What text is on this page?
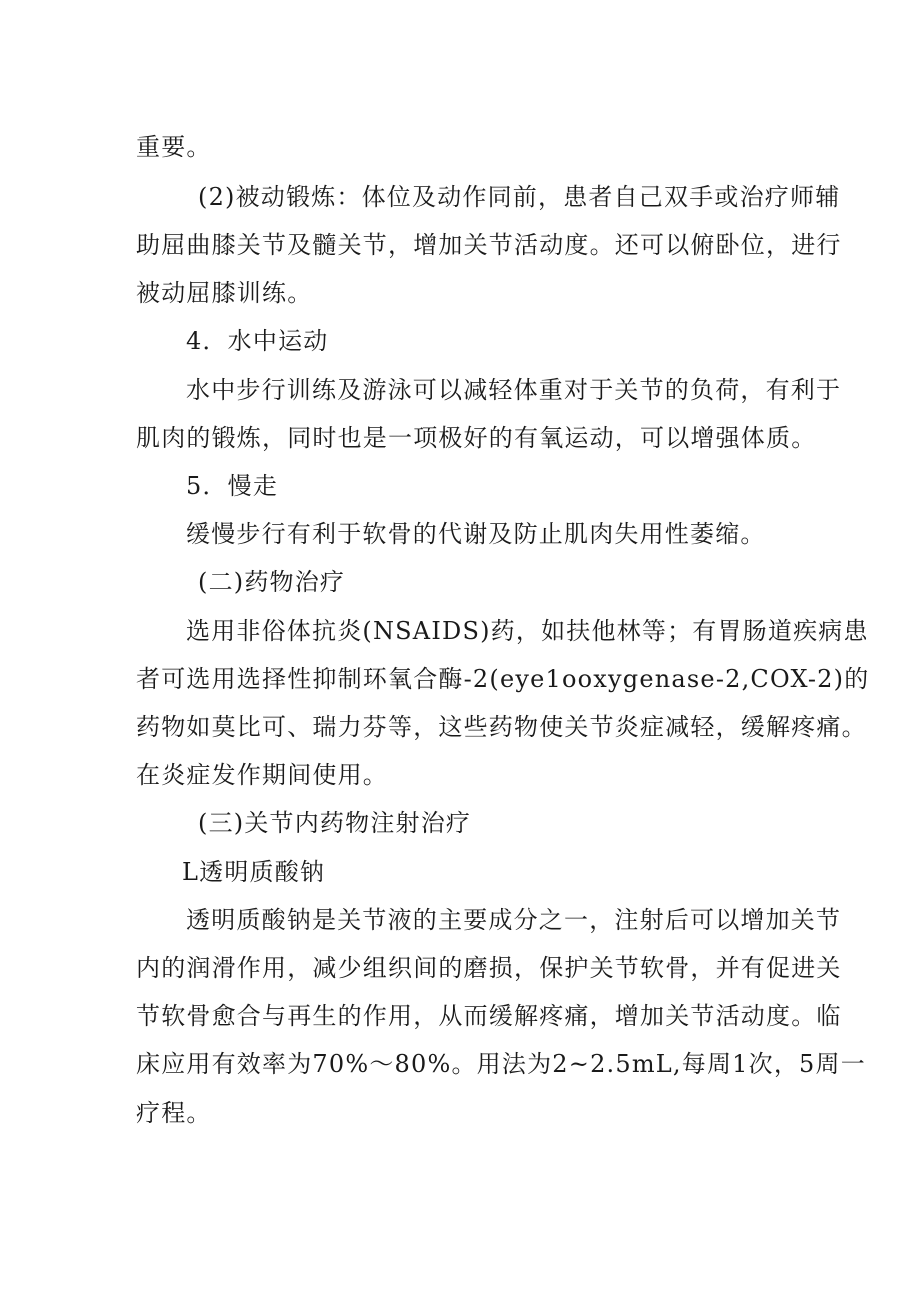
重要。
(2)被动锻炼：体位及动作同前，患者自己双手或治疗师辅
助屈曲膝关节及髓关节，增加关节活动度。还可以俯卧位，进行
被动屈膝训练。
4．水中运动
水中步行训练及游泳可以减轻体重对于关节的负荷，有利于
肌肉的锻炼，同时也是一项极好的有氧运动，可以增强体质。
5．慢走
缓慢步行有利于软骨的代谢及防止肌肉失用性萎缩。
(二)药物治疗
选用非俗体抗炎(NSAIDS)药，如扶他林等；有胃肠道疾病患
者可选用选择性抑制环氧合酶-2(eye1ooxygenase-2,COX-2)的
药物如莫比可、瑞力芬等，这些药物使关节炎症减轻，缓解疼痛。
在炎症发作期间使用。
(三)关节内药物注射治疗
L透明质酸钠
透明质酸钠是关节液的主要成分之一，注射后可以增加关节
内的润滑作用，减少组织间的磨损，保护关节软骨，并有促进关
节软骨愈合与再生的作用，从而缓解疼痛，增加关节活动度。临
床应用有效率为70%～80%。用法为2~2.5mL,每周1次，5周一
疗程。
